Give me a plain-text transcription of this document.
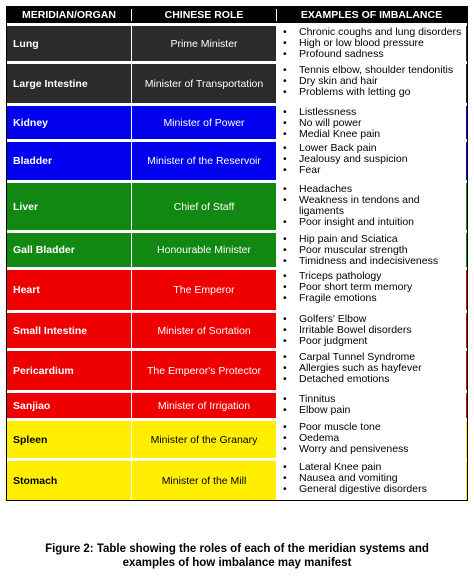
MERIDIAN/ORGAN	CHINESE ROLE	EXAMPLES OF IMBALANCE
Lung	Prime Minister
• Chronic coughs and lung disorders
• High or low blood pressure
• Profound sadness
Large Intestine	Minister of Transportation
• Tennis elbow, shoulder tendonitis
• Dry skin and hair
• Problems with letting go
Kidney	Minister of Power
• Listlessness
• No will power
• Medial Knee pain
Bladder	Minister of the Reservoir
• Lower Back pain
• Jealousy and suspicion
• Fear
Liver	Chief of Staff
• Headaches
• Weakness in tendons and ligaments
• Poor insight and intuition
Gall Bladder	Honourable Minister
• Hip pain and Sciatica
• Poor muscular strength
• Timidness and indecisiveness
Heart	The Emperor
• Triceps pathology
• Poor short term memory
• Fragile emotions
Small Intestine	Minister of Sortation
• Golfers' Elbow
• Irritable Bowel disorders
• Poor judgment
Pericardium	The Emperor's Protector
• Carpal Tunnel Syndrome
• Allergies such as hayfever
• Detached emotions
Sanjiao	Minister of Irrigation
• Tinnitus
• Elbow pain
Spleen	Minister of the Granary
• Poor muscle tone
• Oedema
• Worry and pensiveness
Stomach	Minister of the Mill
• Lateral Knee pain
• Nausea and vomiting
• General digestive disorders
Figure 2: Table showing the roles of each of the meridian systems and
examples of how imbalance may manifest
